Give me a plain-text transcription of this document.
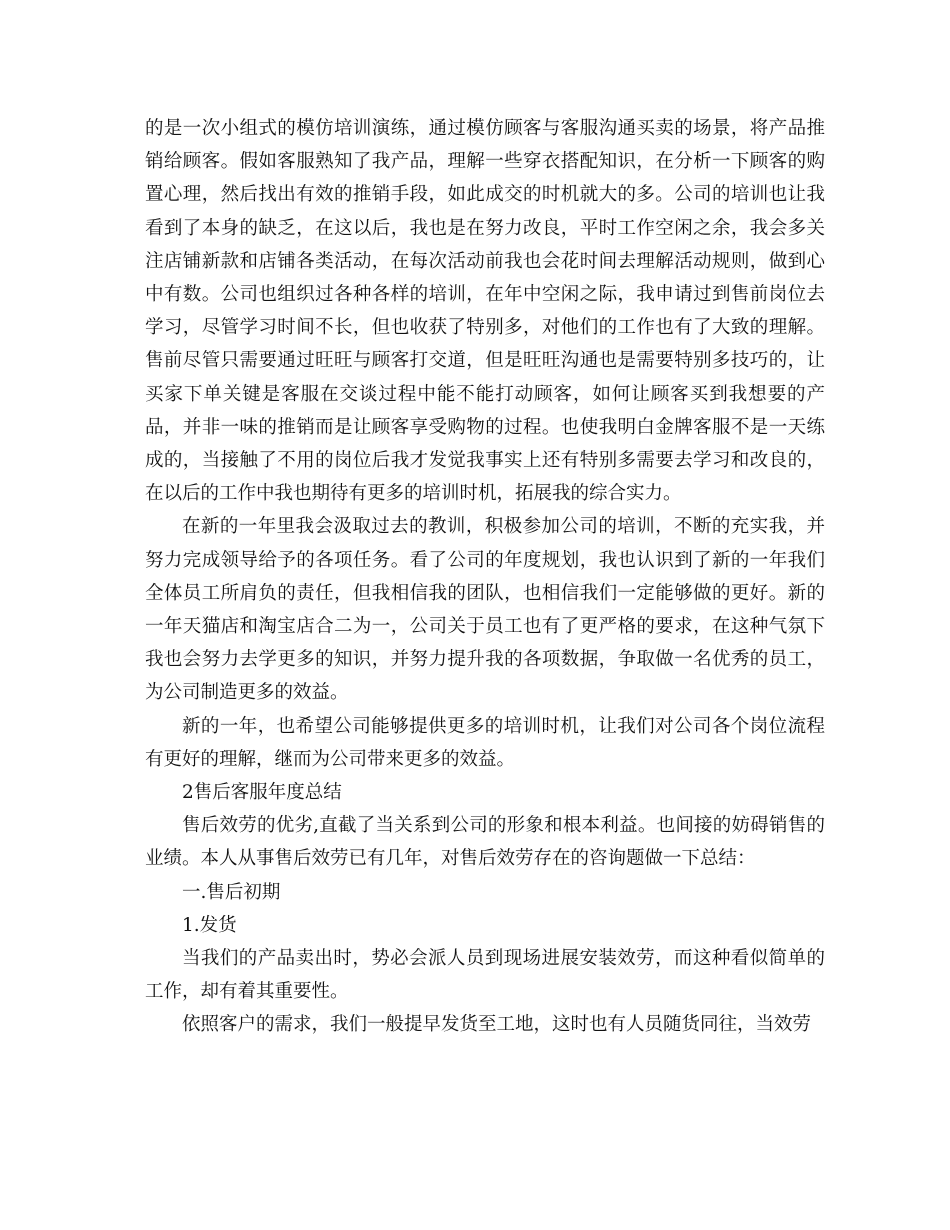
的是一次小组式的模仿培训演练，通过模仿顾客与客服沟通买卖的场景，将产品推销给顾客。假如客服熟知了我产品，理解一些穿衣搭配知识，在分析一下顾客的购置心理，然后找出有效的推销手段，如此成交的时机就大的多。公司的培训也让我看到了本身的缺乏，在这以后，我也是在努力改良，平时工作空闲之余，我会多关注店铺新款和店铺各类活动，在每次活动前我也会花时间去理解活动规则，做到心中有数。公司也组织过各种各样的培训，在年中空闲之际，我申请过到售前岗位去学习，尽管学习时间不长，但也收获了特别多，对他们的工作也有了大致的理解。售前尽管只需要通过旺旺与顾客打交道，但是旺旺沟通也是需要特别多技巧的，让买家下单关键是客服在交谈过程中能不能打动顾客，如何让顾客买到我想要的产品，并非一味的推销而是让顾客享受购物的过程。也使我明白金牌客服不是一天练成的，当接触了不用的岗位后我才发觉我事实上还有特别多需要去学习和改良的，在以后的工作中我也期待有更多的培训时机，拓展我的综合实力。

在新的一年里我会汲取过去的教训，积极参加公司的培训，不断的充实我，并努力完成领导给予的各项任务。看了公司的年度规划，我也认识到了新的一年我们全体员工所肩负的责任，但我相信我的团队，也相信我们一定能够做的更好。新的一年天猫店和淘宝店合二为一，公司关于员工也有了更严格的要求，在这种气氛下我也会努力去学更多的知识，并努力提升我的各项数据，争取做一名优秀的员工，为公司制造更多的效益。

新的一年，也希望公司能够提供更多的培训时机，让我们对公司各个岗位流程有更好的理解，继而为公司带来更多的效益。

2售后客服年度总结

售后效劳的优劣,直截了当关系到公司的形象和根本利益。也间接的妨碍销售的业绩。本人从事售后效劳已有几年，对售后效劳存在的咨询题做一下总结：

一.售后初期

1.发货

当我们的产品卖出时，势必会派人员到现场进展安装效劳，而这种看似简单的工作，却有着其重要性。

依照客户的需求，我们一般提早发货至工地，这时也有人员随货同往，当效劳
